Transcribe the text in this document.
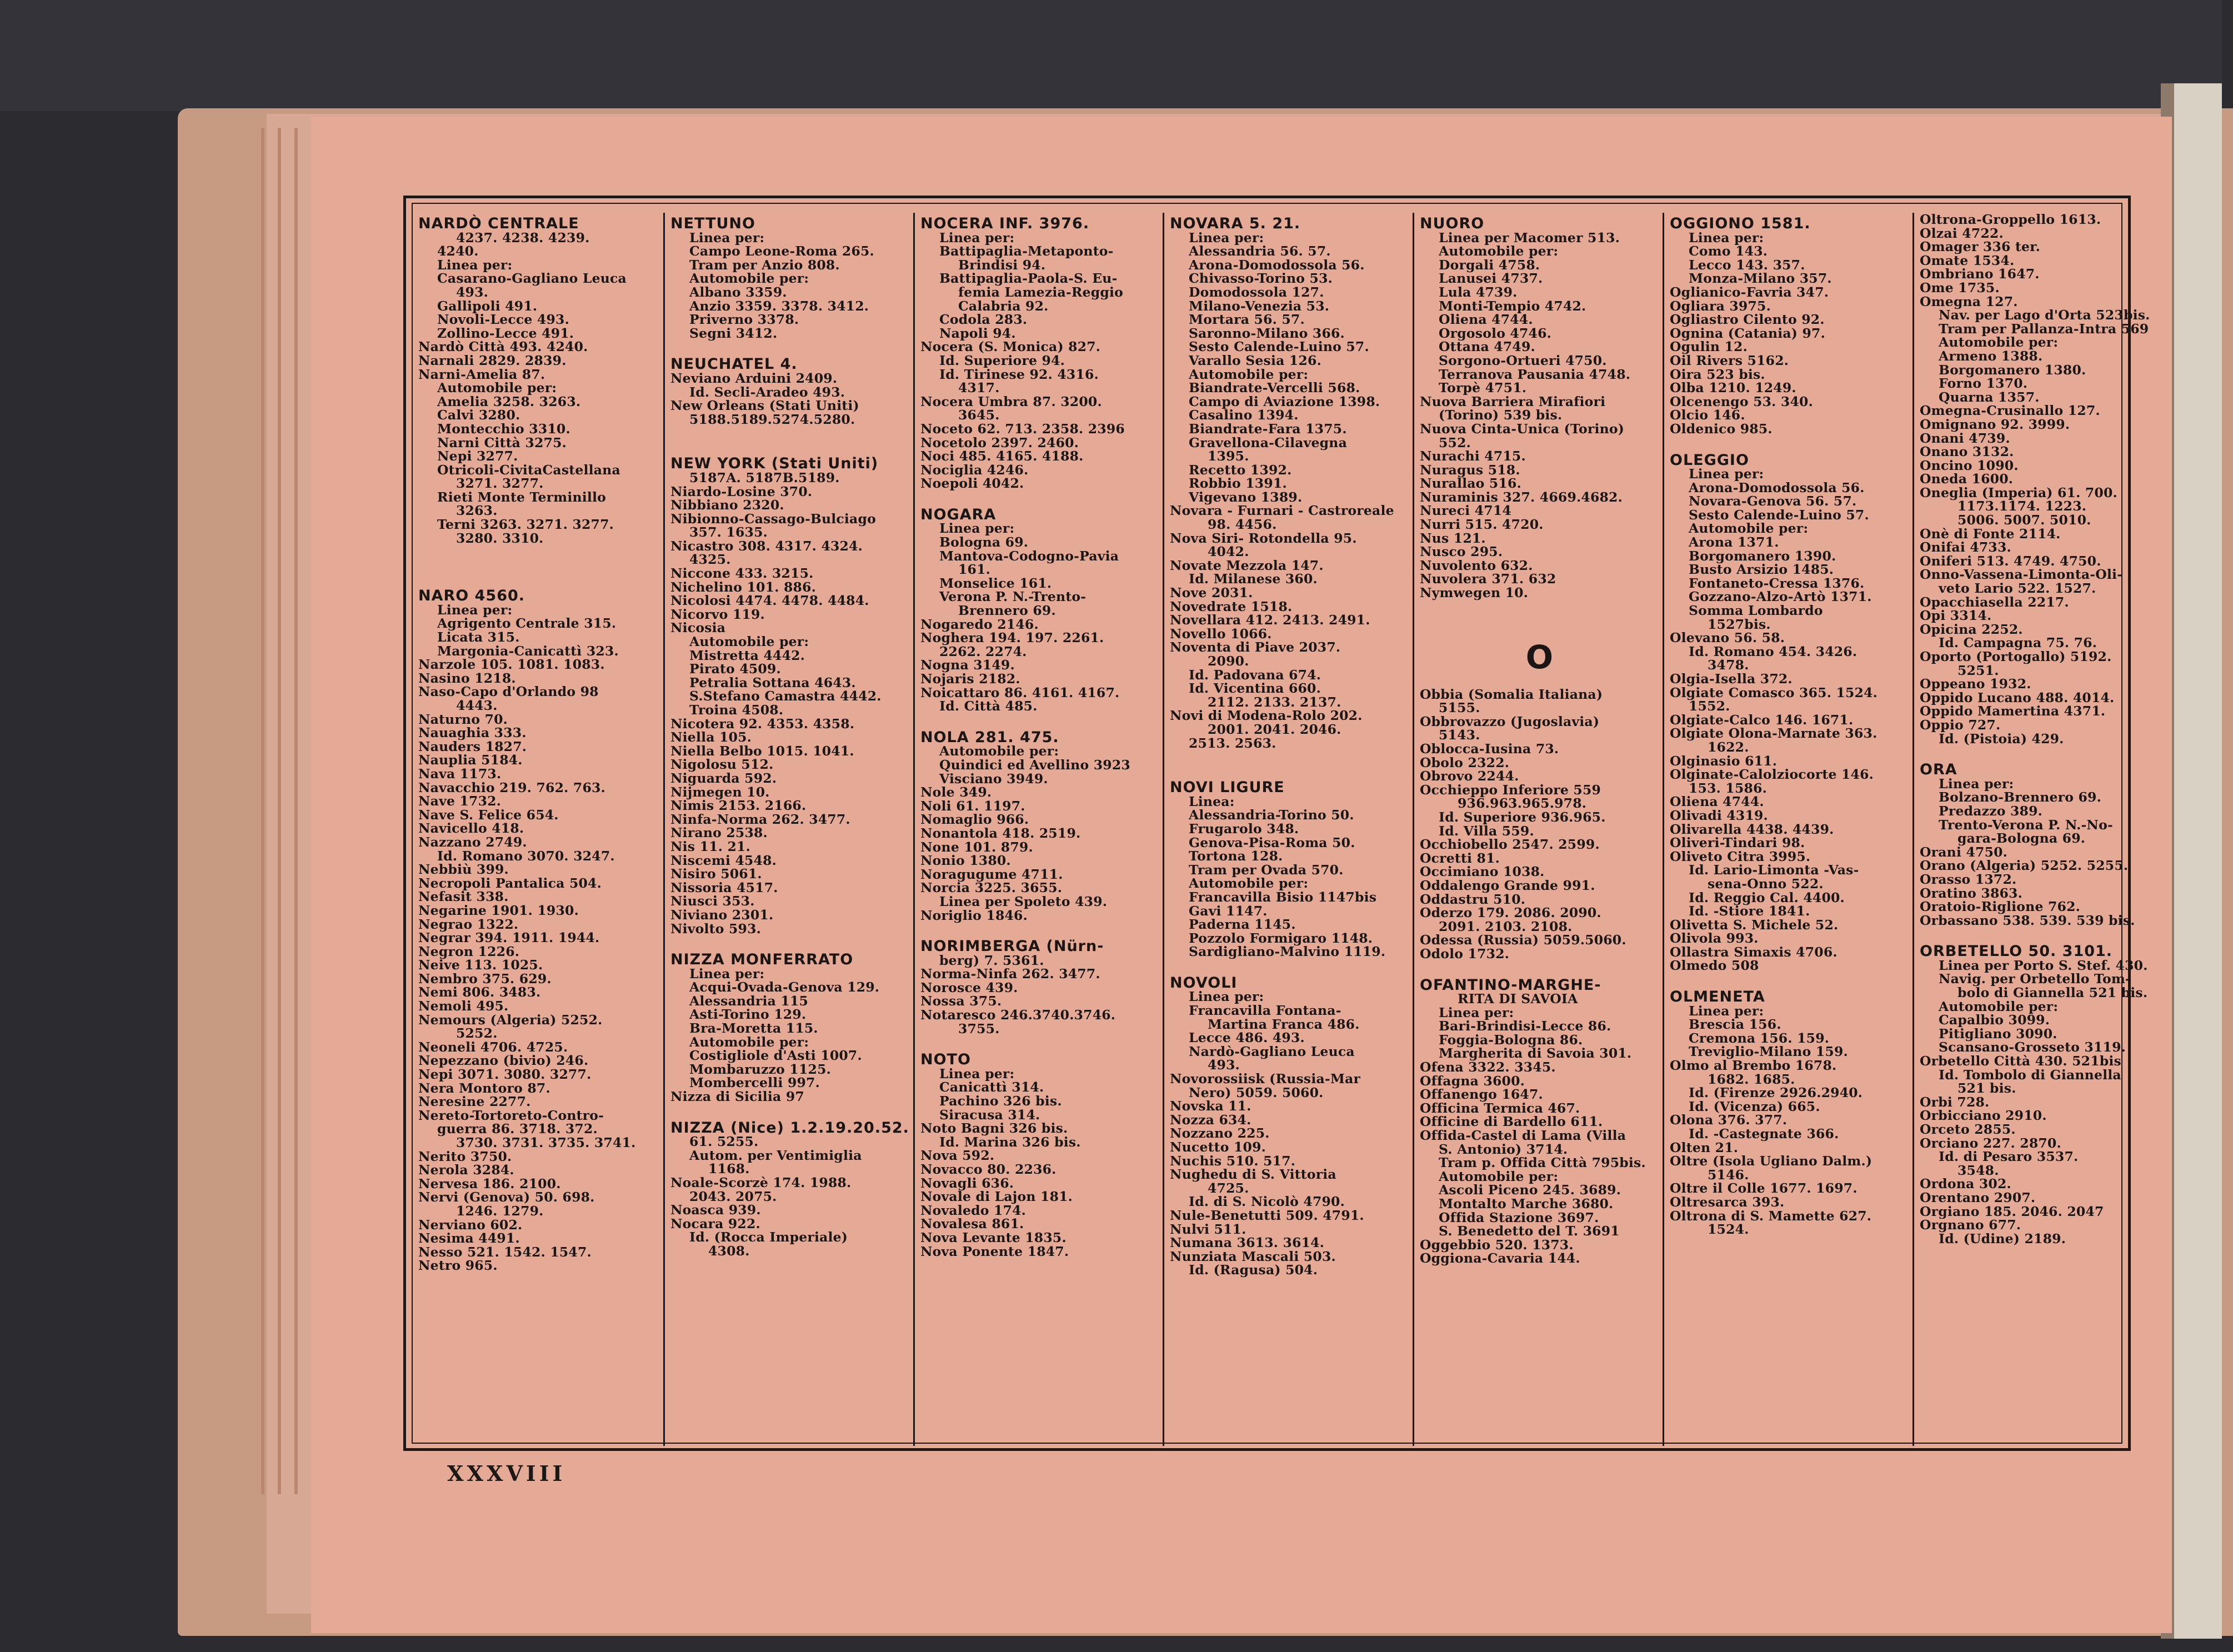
NARDÒ CENTRALE
4237. 4238. 4239.
4240.
Linea per:
Casarano-Gagliano Leuca
493.
Gallipoli 491.
Novoli-Lecce 493.
Zollino-Lecce 491.
Nardò Città 493. 4240.
Narnali 2829. 2839.
Narni-Amelia 87.
Automobile per:
Amelia 3258. 3263.
Calvi 3280.
Montecchio 3310.
Narni Città 3275.
Nepi 3277.
Otricoli-CivitaCastellana
3271. 3277.
Rieti Monte Terminillo
3263.
Terni 3263. 3271. 3277.
3280. 3310.
NARO 4560.
Linea per:
Agrigento Centrale 315.
Licata 315.
Margonia-Canicattì 323.
Narzole 105. 1081. 1083.
Nasino 1218.
Naso-Capo d'Orlando 98
4443.
Naturno 70.
Nauaghia 333.
Nauders 1827.
Nauplia 5184.
Nava 1173.
Navacchio 219. 762. 763.
Nave 1732.
Nave S. Felice 654.
Navicello 418.
Nazzano 2749.
Id. Romano 3070. 3247.
Nebbiù 399.
Necropoli Pantalica 504.
Nefasit 338.
Negarine 1901. 1930.
Negrao 1322.
Negrar 394. 1911. 1944.
Negron 1226.
Neive 113. 1025.
Nembro 375. 629.
Nemi 806. 3483.
Nemoli 495.
Nemours (Algeria) 5252.
5252.
Neoneli 4706. 4725.
Nepezzano (bivio) 246.
Nepi 3071. 3080. 3277.
Nera Montoro 87.
Neresine 2277.
Nereto-Tortoreto-Contro-
guerra 86. 3718. 372.
3730. 3731. 3735. 3741.
Nerito 3750.
Nerola 3284.
Nervesa 186. 2100.
Nervi (Genova) 50. 698.
1246. 1279.
Nerviano 602.
Nesima 4491.
Nesso 521. 1542. 1547.
Netro 965.
NETTUNO
Linea per:
Campo Leone-Roma 265.
Tram per Anzio 808.
Automobile per:
Albano 3359.
Anzio 3359. 3378. 3412.
Priverno 3378.
Segni 3412.
NEUCHATEL 4.
Neviano Arduini 2409.
Id. Secli-Aradeo 493.
New Orleans (Stati Uniti)
5188.5189.5274.5280.
NEW YORK (Stati Uniti)
5187A. 5187B.5189.
Niardo-Losine 370.
Nibbiano 2320.
Nibionno-Cassago-Bulciago
357. 1635.
Nicastro 308. 4317. 4324.
4325.
Niccone 433. 3215.
Nichelino 101. 886.
Nicolosi 4474. 4478. 4484.
Nicorvo 119.
Nicosia
Automobile per:
Mistretta 4442.
Pirato 4509.
Petralia Sottana 4643.
S.Stefano Camastra 4442.
Troina 4508.
Nicotera 92. 4353. 4358.
Niella 105.
Niella Belbo 1015. 1041.
Nigolosu 512.
Niguarda 592.
Nijmegen 10.
Nimis 2153. 2166.
Ninfa-Norma 262. 3477.
Nirano 2538.
Nis 11. 21.
Niscemi 4548.
Nisiro 5061.
Nissoria 4517.
Niusci 353.
Niviano 2301.
Nivolto 593.
NIZZA MONFERRATO
Linea per:
Acqui-Ovada-Genova 129.
Alessandria 115
Asti-Torino 129.
Bra-Moretta 115.
Automobile per:
Costigliole d'Asti 1007.
Mombaruzzo 1125.
Mombercelli 997.
Nizza di Sicilia 97
NIZZA (Nice) 1.2.19.20.52.
61. 5255.
Autom. per Ventimiglia
1168.
Noale-Scorzè 174. 1988.
2043. 2075.
Noasca 939.
Nocara 922.
Id. (Rocca Imperiale)
4308.
NOCERA INF. 3976.
Linea per:
Battipaglia-Metaponto-
Brindisi 94.
Battipaglia-Paola-S. Eu-
femia Lamezia-Reggio
Calabria 92.
Codola 283.
Napoli 94.
Nocera (S. Monica) 827.
Id. Superiore 94.
Id. Tirinese 92. 4316.
4317.
Nocera Umbra 87. 3200.
3645.
Noceto 62. 713. 2358. 2396
Nocetolo 2397. 2460.
Noci 485. 4165. 4188.
Nociglia 4246.
Noepoli 4042.
NOGARA
Linea per:
Bologna 69.
Mantova-Codogno-Pavia
161.
Monselice 161.
Verona P. N.-Trento-
Brennero 69.
Nogaredo 2146.
Noghera 194. 197. 2261.
2262. 2274.
Nogna 3149.
Nojaris 2182.
Noicattaro 86. 4161. 4167.
Id. Città 485.
NOLA 281. 475.
Automobile per:
Quindici ed Avellino 3923
Visciano 3949.
Nole 349.
Noli 61. 1197.
Nomaglio 966.
Nonantola 418. 2519.
None 101. 879.
Nonio 1380.
Noragugume 4711.
Norcia 3225. 3655.
Linea per Spoleto 439.
Noriglio 1846.
NORIMBERGA (Nürn-
berg) 7. 5361.
Norma-Ninfa 262. 3477.
Norosce 439.
Nossa 375.
Notaresco 246.3740.3746.
3755.
NOTO
Linea per:
Canicattì 314.
Pachino 326 bis.
Siracusa 314.
Noto Bagni 326 bis.
Id. Marina 326 bis.
Nova 592.
Novacco 80. 2236.
Novagli 636.
Novale di Lajon 181.
Novaledo 174.
Novalesa 861.
Nova Levante 1835.
Nova Ponente 1847.
NOVARA 5. 21.
Linea per:
Alessandria 56. 57.
Arona-Domodossola 56.
Chivasso-Torino 53.
Domodossola 127.
Milano-Venezia 53.
Mortara 56. 57.
Saronno-Milano 366.
Sesto Calende-Luino 57.
Varallo Sesia 126.
Automobile per:
Biandrate-Vercelli 568.
Campo di Aviazione 1398.
Casalino 1394.
Biandrate-Fara 1375.
Gravellona-Cilavegna
1395.
Recetto 1392.
Robbio 1391.
Vigevano 1389.
Novara - Furnari - Castroreale
98. 4456.
Nova Siri- Rotondella 95.
4042.
Novate Mezzola 147.
Id. Milanese 360.
Nove 2031.
Novedrate 1518.
Novellara 412. 2413. 2491.
Novello 1066.
Noventa di Piave 2037.
2090.
Id. Padovana 674.
Id. Vicentina 660.
2112. 2133. 2137.
Novi di Modena-Rolo 202.
2001. 2041. 2046.
2513. 2563.
NOVI LIGURE
Linea:
Alessandria-Torino 50.
Frugarolo 348.
Genova-Pisa-Roma 50.
Tortona 128.
Tram per Ovada 570.
Automobile per:
Francavilla Bisio 1147bis
Gavi 1147.
Paderna 1145.
Pozzolo Formigaro 1148.
Sardigliano-Malvino 1119.
NOVOLI
Linea per:
Francavilla Fontana-
Martina Franca 486.
Lecce 486. 493.
Nardò-Gagliano Leuca
493.
Novorossiisk (Russia-Mar
Nero) 5059. 5060.
Novska 11.
Nozza 634.
Nozzano 225.
Nucetto 109.
Nuchis 510. 517.
Nughedu di S. Vittoria
4725.
Id. di S. Nicolò 4790.
Nule-Benetutti 509. 4791.
Nulvi 511.
Numana 3613. 3614.
Nunziata Mascali 503.
Id. (Ragusa) 504.
NUORO
Linea per Macomer 513.
Automobile per:
Dorgali 4758.
Lanusei 4737.
Lula 4739.
Monti-Tempio 4742.
Oliena 4744.
Orgosolo 4746.
Ottana 4749.
Sorgono-Ortueri 4750.
Terranova Pausania 4748.
Torpè 4751.
Nuova Barriera Mirafiori
(Torino) 539 bis.
Nuova Cinta-Unica (Torino)
552.
Nurachi 4715.
Nuragus 518.
Nurallao 516.
Nuraminis 327. 4669.4682.
Nureci 4714
Nurri 515. 4720.
Nus 121.
Nusco 295.
Nuvolento 632.
Nuvolera 371. 632
Nymwegen 10.
O
Obbia (Somalia Italiana)
5155.
Obbrovazzo (Jugoslavia)
5143.
Oblocca-Iusina 73.
Obolo 2322.
Obrovo 2244.
Occhieppo Inferiore 559
936.963.965.978.
Id. Superiore 936.965.
Id. Villa 559.
Occhiobello 2547. 2599.
Ocretti 81.
Occimiano 1038.
Oddalengo Grande 991.
Oddastru 510.
Oderzo 179. 2086. 2090.
2091. 2103. 2108.
Odessa (Russia) 5059.5060.
Odolo 1732.
OFANTINO-MARGHE-
RITA DI SAVOIA
Linea per:
Bari-Brindisi-Lecce 86.
Foggia-Bologna 86.
Margherita di Savoia 301.
Ofena 3322. 3345.
Offagna 3600.
Offanengo 1647.
Officina Termica 467.
Officine di Bardello 611.
Offida-Castel di Lama (Villa
S. Antonio) 3714.
Tram p. Offida Città 795bis.
Automobile per:
Ascoli Piceno 245. 3689.
Montalto Marche 3680.
Offida Stazione 3697.
S. Benedetto del T. 3691
Oggebbio 520. 1373.
Oggiona-Cavaria 144.
OGGIONO 1581.
Linea per:
Como 143.
Lecco 143. 357.
Monza-Milano 357.
Oglianico-Favria 347.
Ogliara 3975.
Ogliastro Cilento 92.
Ognina (Catania) 97.
Ogulin 12.
Oil Rivers 5162.
Oira 523 bis.
Olba 1210. 1249.
Olcenengo 53. 340.
Olcio 146.
Oldenico 985.
OLEGGIO
Linea per:
Arona-Domodossola 56.
Novara-Genova 56. 57.
Sesto Calende-Luino 57.
Automobile per:
Arona 1371.
Borgomanero 1390.
Busto Arsizio 1485.
Fontaneto-Cressa 1376.
Gozzano-Alzo-Artò 1371.
Somma Lombardo
1527bis.
Olevano 56. 58.
Id. Romano 454. 3426.
3478.
Olgia-Isella 372.
Olgiate Comasco 365. 1524.
1552.
Olgiate-Calco 146. 1671.
Olgiate Olona-Marnate 363.
1622.
Olginasio 611.
Olginate-Calolziocorte 146.
153. 1586.
Oliena 4744.
Olivadi 4319.
Olivarella 4438. 4439.
Oliveri-Tindari 98.
Oliveto Citra 3995.
Id. Lario-Limonta -Vas-
sena-Onno 522.
Id. Reggio Cal. 4400.
Id. -Stiore 1841.
Olivetta S. Michele 52.
Olivola 993.
Ollastra Simaxis 4706.
Olmedo 508
OLMENETA
Linea per:
Brescia 156.
Cremona 156. 159.
Treviglio-Milano 159.
Olmo al Brembo 1678.
1682. 1685.
Id. (Firenze 2926.2940.
Id. (Vicenza) 665.
Olona 376. 377.
Id. -Castegnate 366.
Olten 21.
Oltre (Isola Ugliano Dalm.)
5146.
Oltre il Colle 1677. 1697.
Oltresarca 393.
Oltrona di S. Mamette 627.
1524.
Oltrona-Groppello 1613.
Olzai 4722.
Omager 336 ter.
Omate 1534.
Ombriano 1647.
Ome 1735.
Omegna 127.
Nav. per Lago d'Orta 523bis.
Tram per Pallanza-Intra 569
Automobile per:
Armeno 1388.
Borgomanero 1380.
Forno 1370.
Quarna 1357.
Omegna-Crusinallo 127.
Omignano 92. 3999.
Onani 4739.
Onano 3132.
Oncino 1090.
Oneda 1600.
Oneglia (Imperia) 61. 700.
1173.1174. 1223.
5006. 5007. 5010.
Onè di Fonte 2114.
Onifai 4733.
Oniferi 513. 4749. 4750.
Onno-Vassena-Limonta-Oli-
veto Lario 522. 1527.
Opacchiasella 2217.
Opi 3314.
Opicina 2252.
Id. Campagna 75. 76.
Oporto (Portogallo) 5192.
5251.
Oppeano 1932.
Oppido Lucano 488. 4014.
Oppido Mamertina 4371.
Oppio 727.
Id. (Pistoia) 429.
ORA
Linea per:
Bolzano-Brennero 69.
Predazzo 389.
Trento-Verona P. N.-No-
gara-Bologna 69.
Orani 4750.
Orano (Algeria) 5252. 5255.
Orasso 1372.
Oratino 3863.
Oratoio-Riglione 762.
Orbassano 538. 539. 539 bis.
ORBETELLO 50. 3101.
Linea per Porto S. Stef. 430.
Navig. per Orbetello Tom-
bolo di Giannella 521 bis.
Automobile per:
Capalbio 3099.
Pitigliano 3090.
Scansano-Grosseto 3119.
Orbetello Città 430. 521bis
Id. Tombolo di Giannella
521 bis.
Orbi 728.
Orbicciano 2910.
Orceto 2855.
Orciano 227. 2870.
Id. di Pesaro 3537.
3548.
Ordona 302.
Orentano 2907.
Orgiano 185. 2046. 2047
Orgnano 677.
Id. (Udine) 2189.
XXXVIII
